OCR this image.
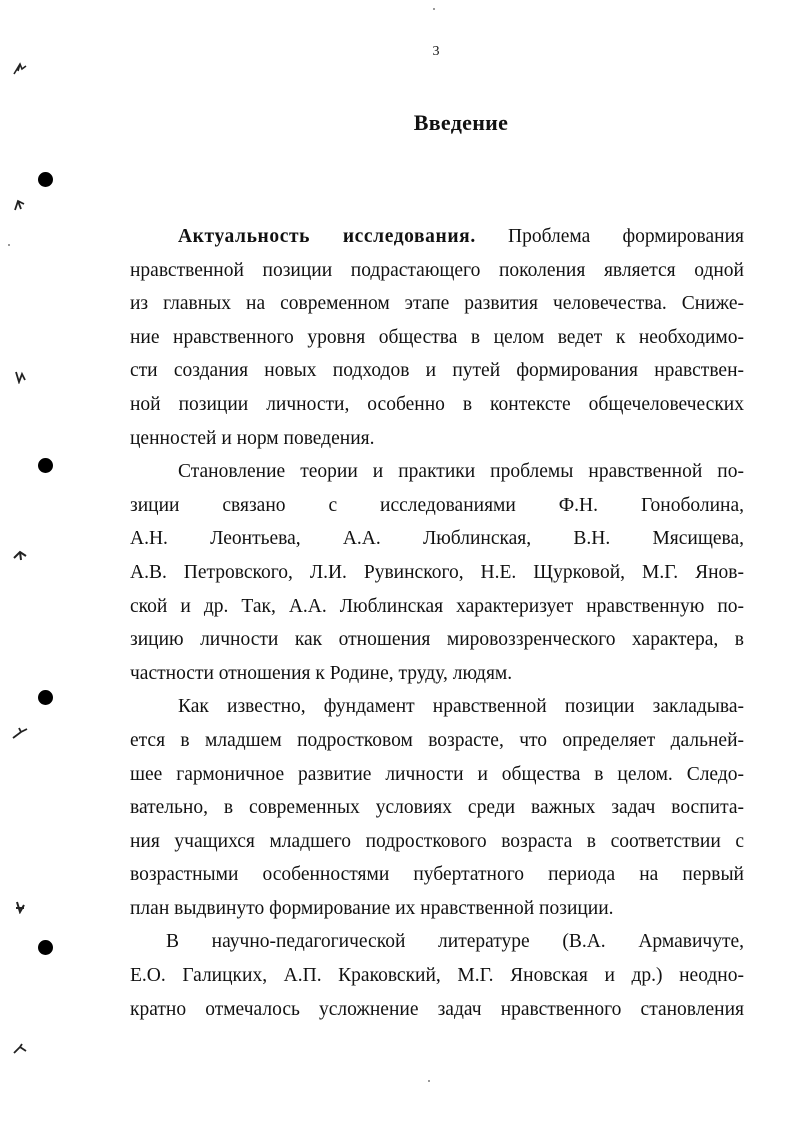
3
Введение
Актуальность исследования. Проблема формирования
нравственной позиции подрастающего поколения является одной
из главных на современном этапе развития человечества. Сниже-
ние нравственного уровня общества в целом ведет к необходимо-
сти создания новых подходов и путей формирования нравствен-
ной позиции личности, особенно в контексте общечеловеческих
ценностей и норм поведения.
Становление теории и практики проблемы нравственной по-
зиции связано с исследованиями Ф.Н. Гоноболина,
А.Н. Леонтьева, А.А. Люблинская, В.Н. Мясищева,
А.В. Петровского, Л.И. Рувинского, Н.Е. Щурковой, М.Г. Янов-
ской и др. Так, А.А. Люблинская характеризует нравственную по-
зицию личности как отношения мировоззренческого характера, в
частности отношения к Родине, труду, людям.
Как известно, фундамент нравственной позиции закладыва-
ется в младшем подростковом возрасте, что определяет дальней-
шее гармоничное развитие личности и общества в целом. Следо-
вательно, в современных условиях среди важных задач воспита-
ния учащихся младшего подросткового возраста в соответствии с
возрастными особенностями пубертатного периода на первый
план выдвинуто формирование их нравственной позиции.
В научно-педагогической литературе (В.А. Армавичуте,
Е.О. Галицких, А.П. Краковский, М.Г. Яновская и др.) неодно-
кратно отмечалось усложнение задач нравственного становления
